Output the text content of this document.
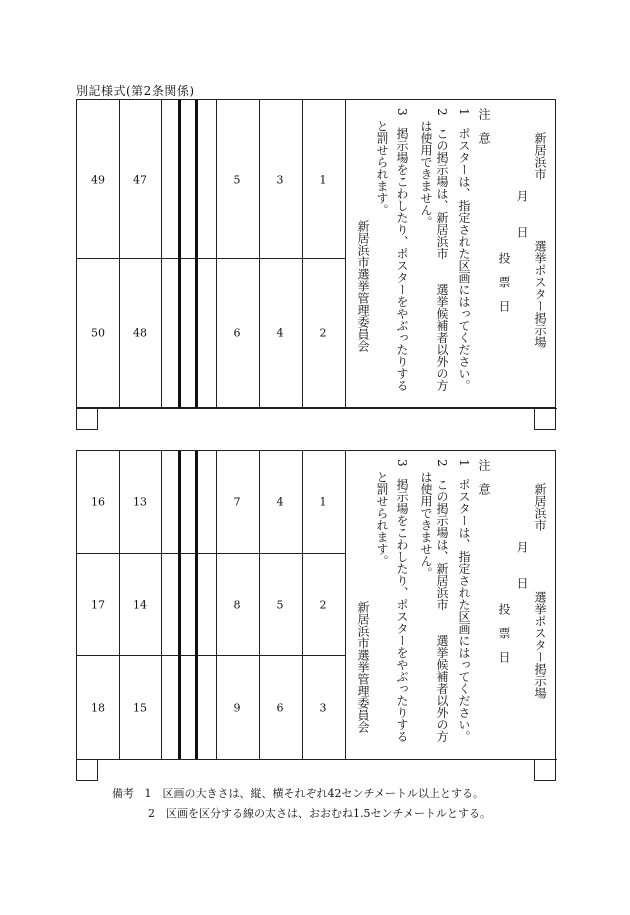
別記様式(第2条関係)
49
50
47
48
5
6
3
4
1
2	新居浜市　　　　　選挙ポスター掲示場
月　　日
投　票　日
注　意
1　ポスターは、指定された区画にはってください。
2　この掲示場は、新居浜市　　選挙候補者以外の方
　は使用できません。
3　掲示場をこわしたり、ポスターをやぶったりする
　と罰せられます。
新居浜市選挙管理委員会
16
17
18
13
14
15
7
8
9
4
5
6
1
2
3
新居浜市　　　　　選挙ポスター掲示場
月　　日
投　票　日
注　意
1　ポスターは、指定された区画にはってください。
2　この掲示場は、新居浜市　　選挙候補者以外の方
　は使用できません。
3　掲示場をこわしたり、ポスターをやぶったりする
　と罰せられます。
新居浜市選挙管理委員会
備考 1　区画の大きさは、縦、横それぞれ42センチメートル以上とする。
2　区画を区分する線の太さは、おおむね1.5センチメートルとする。
